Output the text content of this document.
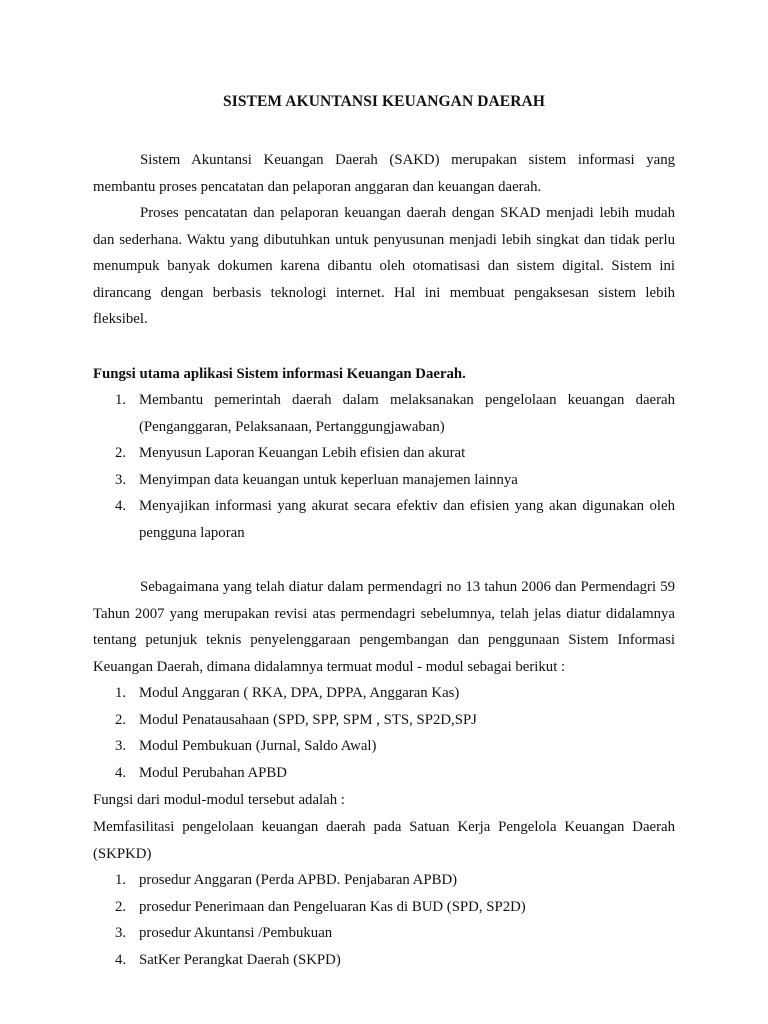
SISTEM AKUNTANSI KEUANGAN DAERAH

Sistem Akuntansi Keuangan Daerah (SAKD) merupakan sistem informasi yang membantu proses pencatatan dan pelaporan anggaran dan keuangan daerah.

Proses pencatatan dan pelaporan keuangan daerah dengan SKAD menjadi lebih mudah dan sederhana. Waktu yang dibutuhkan untuk penyusunan menjadi lebih singkat dan tidak perlu menumpuk banyak dokumen karena dibantu oleh otomatisasi dan sistem digital. Sistem ini dirancang dengan berbasis teknologi internet. Hal ini membuat pengaksesan sistem lebih fleksibel.

Fungsi utama aplikasi Sistem informasi Keuangan Daerah.
1. Membantu pemerintah daerah dalam melaksanakan pengelolaan keuangan daerah (Penganggaran, Pelaksanaan, Pertanggungjawaban)
2. Menyusun Laporan Keuangan Lebih efisien dan akurat
3. Menyimpan data keuangan untuk keperluan manajemen lainnya
4. Menyajikan informasi yang akurat secara efektiv dan efisien yang akan digunakan oleh pengguna laporan

Sebagaimana yang telah diatur dalam permendagri no 13 tahun 2006 dan Permendagri 59 Tahun 2007 yang merupakan revisi atas permendagri sebelumnya, telah jelas diatur didalamnya tentang petunjuk teknis penyelenggaraan pengembangan dan penggunaan Sistem Informasi Keuangan Daerah, dimana didalamnya termuat modul - modul sebagai berikut :

1. Modul Anggaran ( RKA, DPA, DPPA, Anggaran Kas)
2. Modul Penatausahaan (SPD, SPP, SPM , STS, SP2D,SPJ
3. Modul Pembukuan (Jurnal, Saldo Awal)
4. Modul Perubahan APBD
Fungsi dari modul-modul tersebut adalah :
Memfasilitasi pengelolaan keuangan daerah pada Satuan Kerja Pengelola Keuangan Daerah (SKPKD)
1. prosedur Anggaran (Perda APBD. Penjabaran APBD)
2. prosedur Penerimaan dan Pengeluaran Kas di BUD (SPD, SP2D)
3. prosedur Akuntansi /Pembukuan
4. SatKer Perangkat Daerah (SKPD)
